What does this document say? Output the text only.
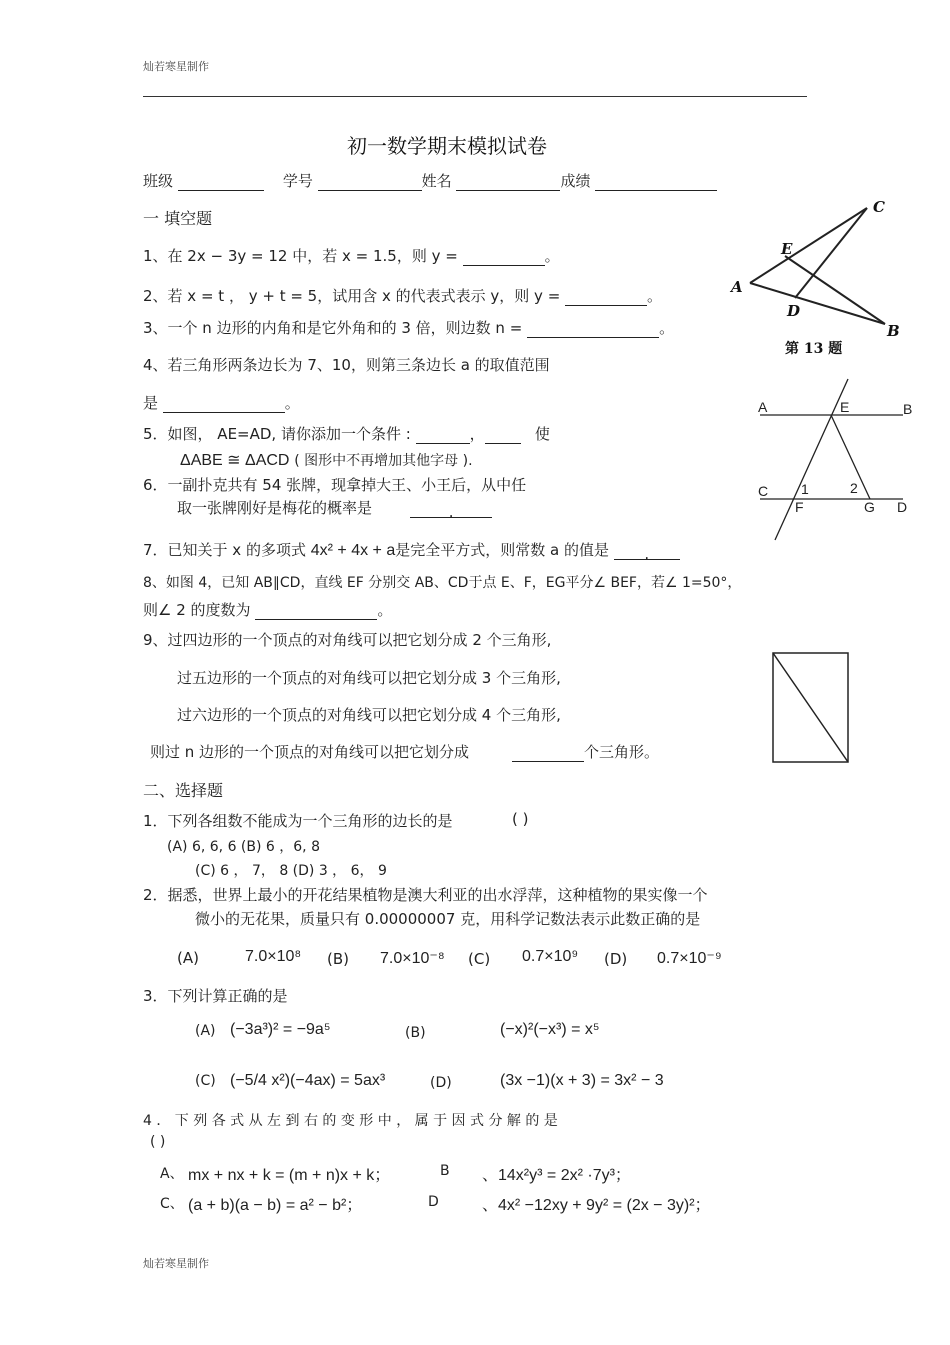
灿若寒星制作
初一数学期末模拟试卷
班级	学号	姓名	成绩
一 填空题
1、在 2x − 3y = 12 中，若 x = 1.5，则 y =	。
2、若 x = t ， y + t = 5，试用含 x 的代表式表示 y，则 y =	。
3、一个 n 边形的内角和是它外角和的 3 倍，则边数 n =	。
4、若三角形两条边长为 7、10，则第三条边长 a 的取值范围
是	。
5．如图， AE=AD, 请你添加一个条件 :	，	使
ΔABE ≅ ΔACD ( 图形中不再增加其他字母 ).
6．一副扑克共有 54 张牌，现拿掉大王、小王后，从中任
取一张牌刚好是梅花的概率是	.
7．已知关于 x 的多项式 4x² + 4x + a是完全平方式，则常数 a 的值是 .
8、如图 4，已知 AB∥CD，直线 EF 分别交 AB、CD于点 E、F，EG平分∠ BEF，若∠ 1=50°，
则∠ 2 的度数为	。
9、过四边形的一个顶点的对角线可以把它划分成 2 个三角形,
过五边形的一个顶点的对角线可以把它划分成 3 个三角形,
过六边形的一个顶点的对角线可以把它划分成 4 个三角形,
则过 n 边形的一个顶点的对角线可以把它划分成	个三角形。
C
E
A
D
B
第 13 题
A	E	B
C 1	2
F	G D
二、选择题
1．下列各组数不能成为一个三角形的边长的是	( )
(A) 6, 6, 6 (B) 6 ，6, 8
(C) 6 ， 7， 8 (D) 3 ， 6， 9
2．据悉，世界上最小的开花结果植物是澳大利亚的出水浮萍，这种植物的果实像一个
微小的无花果，质量只有 0.00000007 克，用科学记数法表示此数正确的是
(A)	7.0×10⁸ (B) 7.0×10⁻⁸ (C) 0.7×10⁹ (D) 0.7×10⁻⁹
3．下列计算正确的是
(A) (−3a³)² = −9a⁵	(B)	(−x)²(−x³) = x⁵
(C) (−5/4 x²)(−4ax) = 5ax³	(D)	(3x −1)(x + 3) = 3x² − 3
4 ． 下 列 各 式 从 左 到 右 的 变 形 中 ， 属 于 因 式 分 解 的 是
( )
A、 mx + nx + k = (m + n)x + k；	B 、14x²y³ = 2x² ·7y³；
C、 (a + b)(a − b) = a² − b²；	D	、4x² −12xy + 9y² = (2x − 3y)²；
灿若寒星制作
